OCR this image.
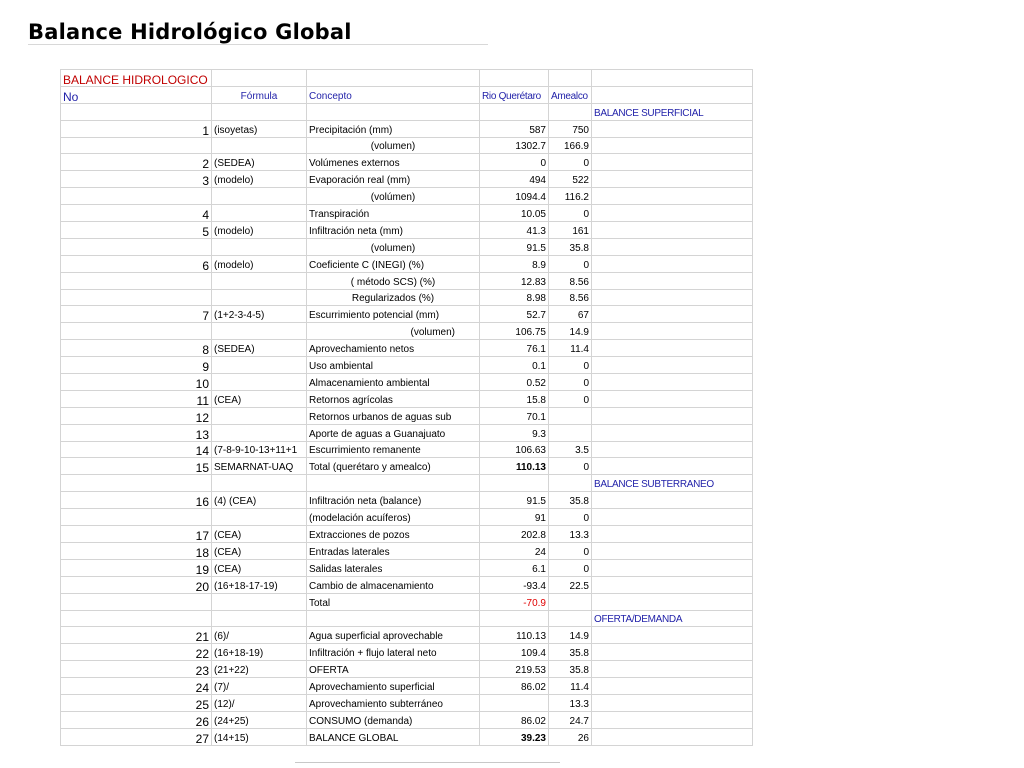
Balance Hidrológico Global
BALANCE HIDROLOGICO					
No	Fórmula	Concepto	Rio Querétaro	Amealco	
					BALANCE SUPERFICIAL
1	(isoyetas)	Precipitación (mm)	587	750	
		(volumen)	1302.7	166.9	
2	(SEDEA)	Volúmenes externos	0	0	
3	(modelo)	Evaporación real (mm)	494	522	
		(volúmen)	1094.4	116.2	
4		Transpiración	10.05	0	
5	(modelo)	Infiltración neta (mm)	41.3	161	
		(volumen)	91.5	35.8	
6	(modelo)	Coeficiente C (INEGI) (%)	8.9	0	
		( método SCS) (%)	12.83	8.56	
		Regularizados (%)	8.98	8.56	
7	(1+2-3-4-5)	Escurrimiento potencial (mm)	52.7	67	
		(volumen)	106.75	14.9	
8	(SEDEA)	Aprovechamiento netos	76.1	11.4	
9		Uso ambiental	0.1	0	
10		Almacenamiento ambiental	0.52	0	
11	(CEA)	Retornos agrícolas	15.8	0	
12		Retornos urbanos de aguas sub	70.1		
13		Aporte de aguas a Guanajuato	9.3		
14	(7-8-9-10-13+11+1	Escurrimiento remanente	106.63	3.5	
15	SEMARNAT-UAQ	Total (querétaro y amealco)	110.13	0	
					BALANCE SUBTERRANEO
16	(4) (CEA)	Infiltración neta (balance)	91.5	35.8	
		(modelación acuíferos)	91	0	
17	(CEA)	Extracciones de pozos	202.8	13.3	
18	(CEA)	Entradas laterales	24	0	
19	(CEA)	Salidas laterales	6.1	0	
20	(16+18-17-19)	Cambio de almacenamiento	-93.4	22.5	
		Total	-70.9		
					OFERTA/DEMANDA
21	(6)/	Agua superficial aprovechable	110.13	14.9	
22	(16+18-19)	Infiltración + flujo lateral neto	109.4	35.8	
23	(21+22)	OFERTA	219.53	35.8	
24	(7)/	Aprovechamiento superficial	86.02	11.4	
25	(12)/	Aprovechamiento subterráneo		13.3	
26	(24+25)	CONSUMO (demanda)	86.02	24.7	
27	(14+15)	BALANCE GLOBAL	39.23	26	
